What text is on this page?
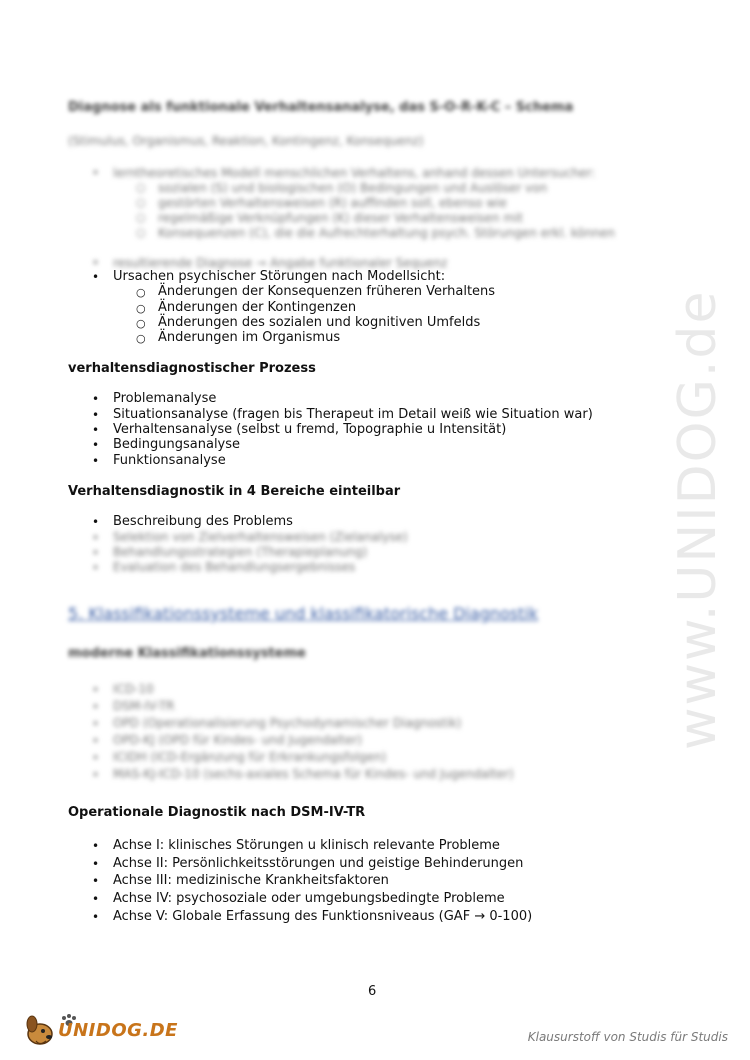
www.UNIDOG.de
Diagnose als funktionale Verhaltensanalyse, das S-O-R-K-C – Schema
(Stimulus, Organismus, Reaktion, Kontingenz, Konsequenz)
• lerntheoretisches Modell menschlichen Verhaltens, anhand dessen Untersucher:
○ sozialen (S) und biologischen (O) Bedingungen und Auslöser von
○ gestörten Verhaltensweisen (R) auffinden soll, ebenso wie
○ regelmäßige Verknüpfungen (K) dieser Verhaltensweisen mit
○ Konsequenzen (C), die die Aufrechterhaltung psych. Störungen erkl. können
• resultierende Diagnose → Angabe funktionaler Sequenz
• Ursachen psychischer Störungen nach Modellsicht:
○ Änderungen der Konsequenzen früheren Verhaltens
○ Änderungen der Kontingenzen
○ Änderungen des sozialen und kognitiven Umfelds
○ Änderungen im Organismus
verhaltensdiagnostischer Prozess
• Problemanalyse
• Situationsanalyse (fragen bis Therapeut im Detail weiß wie Situation war)
• Verhaltensanalyse (selbst u fremd, Topographie u Intensität)
• Bedingungsanalyse
• Funktionsanalyse
Verhaltensdiagnostik in 4 Bereiche einteilbar
• Beschreibung des Problems
• Selektion von Zielverhaltensweisen (Zielanalyse)
• Behandlungsstrategien (Therapieplanung)
• Evaluation des Behandlungsergebnisses
5. Klassifikationssysteme und klassifikatorische Diagnostik
moderne Klassifikationssysteme
• ICD-10
• DSM-IV-TR
• OPD (Operationalisierung Psychodynamischer Diagnostik)
• OPD-KJ (OPD für Kindes- und Jugendalter)
• ICIDH (ICD-Ergänzung für Erkrankungsfolgen)
• MAS-KJ-ICD-10 (sechs-axiales Schema für Kindes- und Jugendalter)
Operationale Diagnostik nach DSM-IV-TR
• Achse I: klinisches Störungen u klinisch relevante Probleme
• Achse II: Persönlichkeitsstörungen und geistige Behinderungen
• Achse III: medizinische Krankheitsfaktoren
• Achse IV: psychosoziale oder umgebungsbedingte Probleme
• Achse V: Globale Erfassung des Funktionsniveaus (GAF → 0-100)
6
UNIDOG.DE	Klausurstoff von Studis für Studis
